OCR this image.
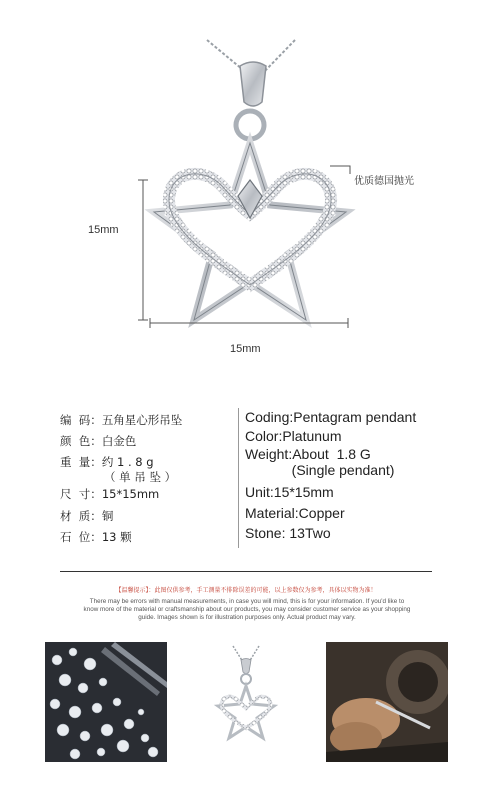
15mm
15mm
优质德国抛光
编  码：五角星心形吊坠
颜  色：白金色
重  量：约 1 . 8 g
（ 单 吊 坠 ）
尺  寸：15*15mm
材  质：铜
石  位：13 颗
Coding:Pentagram pendant
Color:Platunum
Weight:About  1.8 G
(Single pendant)
Unit:15*15mm
Material:Copper
Stone: 13Two
【温馨提示】：此图仅供参考，手工测量不排除误差的可能，以上参数仅为参考，具体以实物为准！
There may be errors with manual measurements, in case you will mind, this is for your information. If you'd like to know more of the material or craftsmanship about our products, you may consider customer service as your shopping guide. Images shown is for illustration purposes only. Actual product may vary.
